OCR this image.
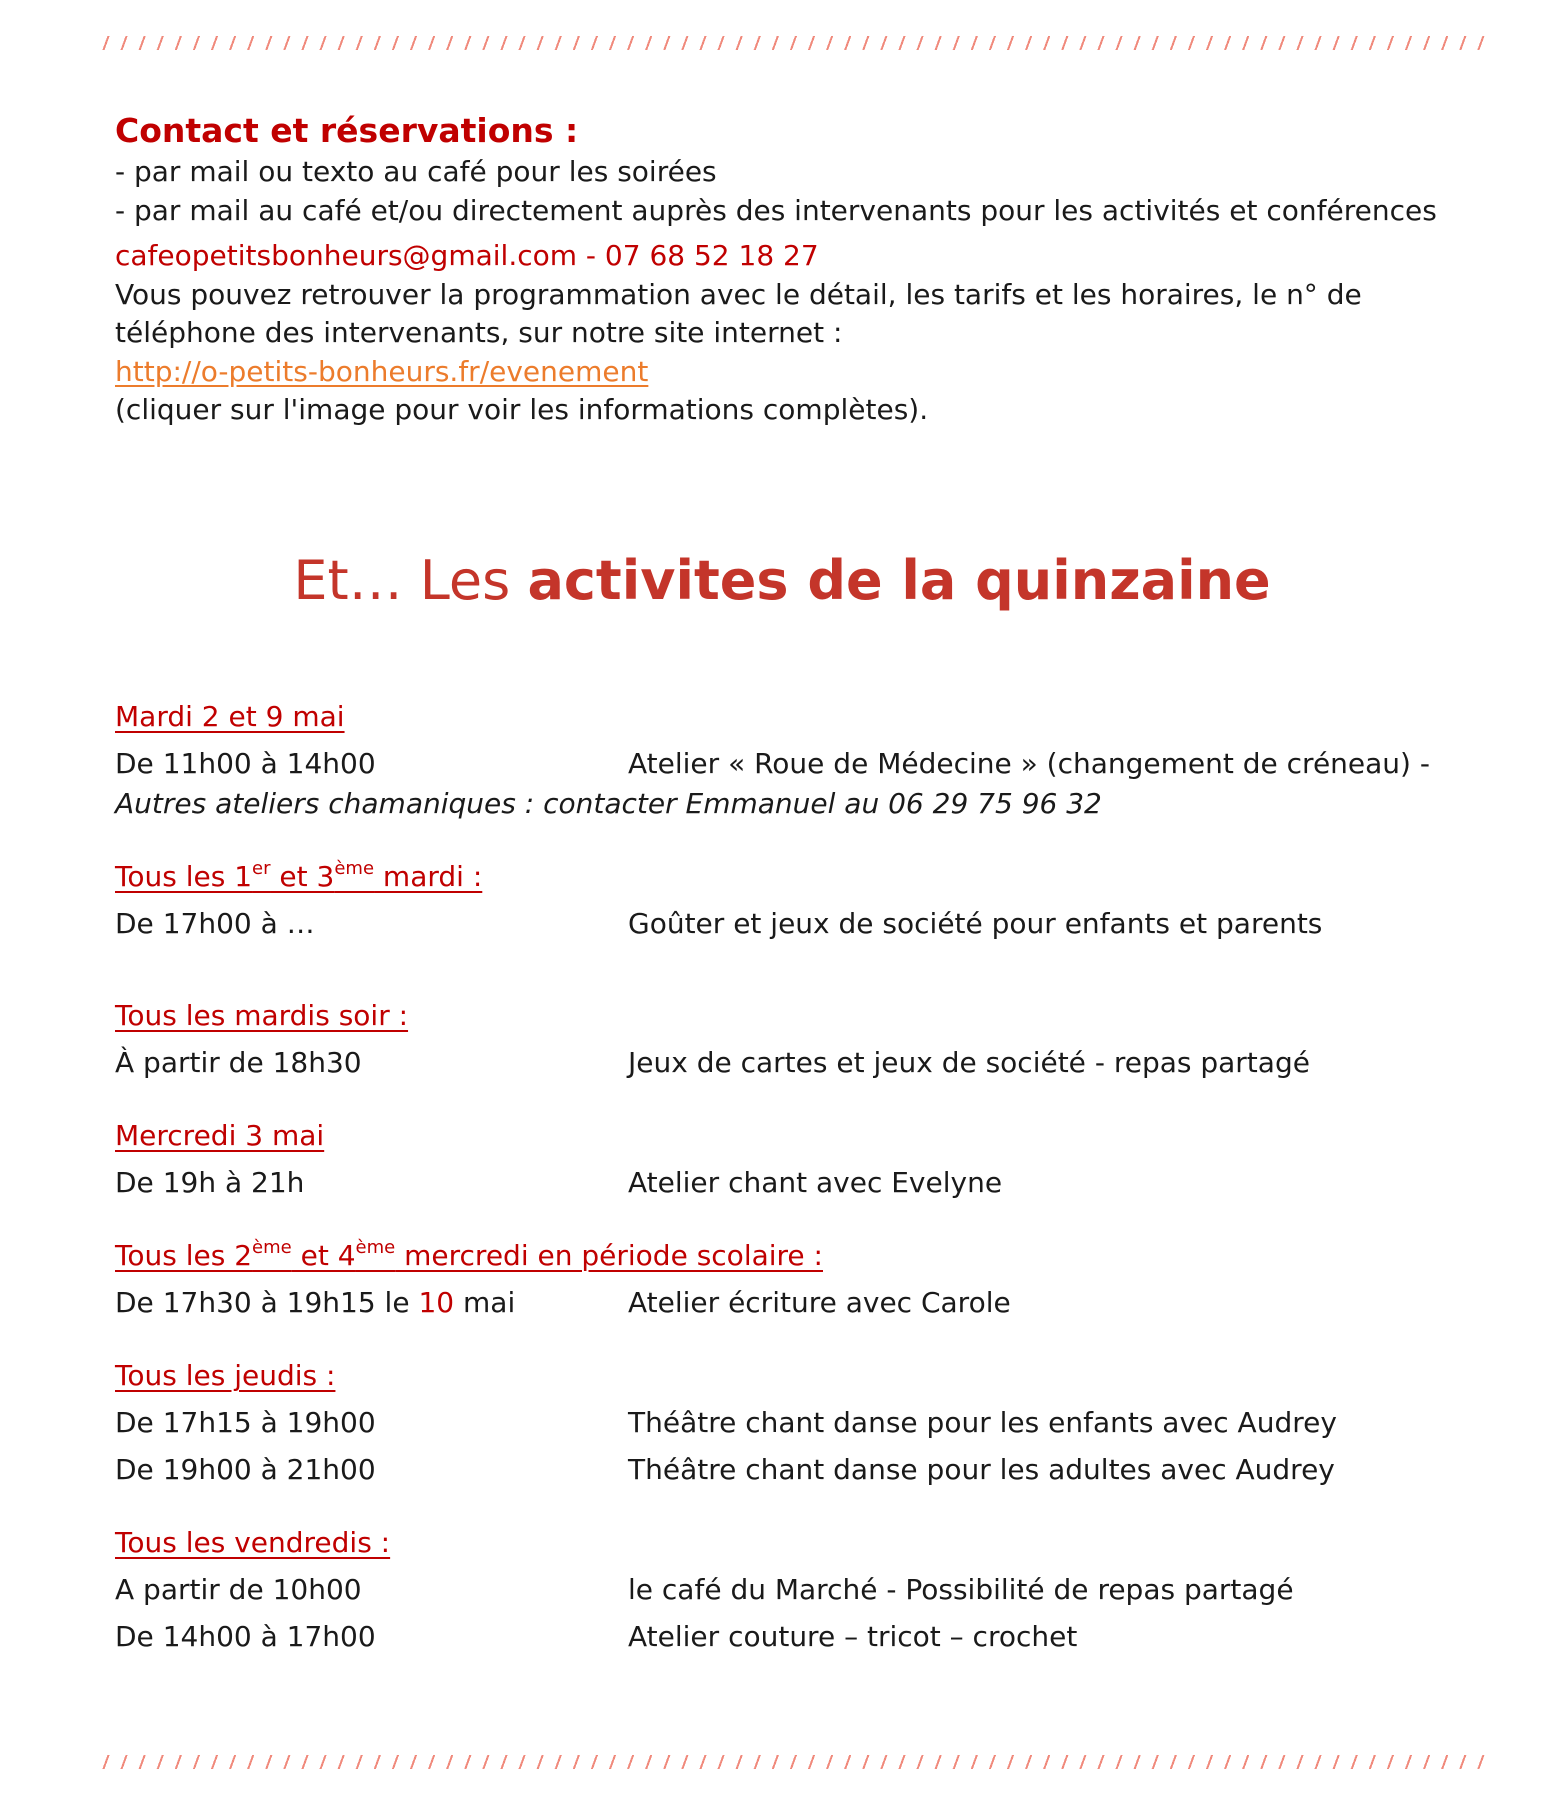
Contact et réservations :
- par mail ou texto au café pour les soirées
- par mail au café et/ou directement auprès des intervenants pour les activités et conférences
cafeopetitsbonheurs@gmail.com - 07 68 52 18 27
Vous pouvez retrouver la programmation avec le détail, les tarifs et les horaires, le n° de téléphone des intervenants, sur notre site internet :
http://o-petits-bonheurs.fr/evenement
(cliquer sur l'image pour voir les informations complètes).
Et… Les activites de la quinzaine
Mardi 2 et 9 mai
De 11h00 à 14h00	Atelier « Roue de Médecine » (changement de créneau) -
Autres ateliers chamaniques : contacter Emmanuel au 06 29 75 96 32
Tous les 1er et 3ème mardi :
De 17h00 à …	Goûter et jeux de société pour enfants et parents
Tous les mardis soir :
À partir de 18h30	Jeux de cartes et jeux de société - repas partagé
Mercredi 3 mai
De 19h à 21h	Atelier chant avec Evelyne
Tous les 2ème et 4ème mercredi en période scolaire :
De 17h30 à 19h15 le 10 mai	Atelier écriture avec Carole
Tous les jeudis :
De 17h15 à 19h00	Théâtre chant danse pour les enfants avec Audrey
De 19h00 à 21h00	Théâtre chant danse pour les adultes avec Audrey
Tous les vendredis :
A partir de 10h00	le café du Marché - Possibilité de repas partagé
De 14h00 à 17h00	Atelier couture – tricot – crochet
